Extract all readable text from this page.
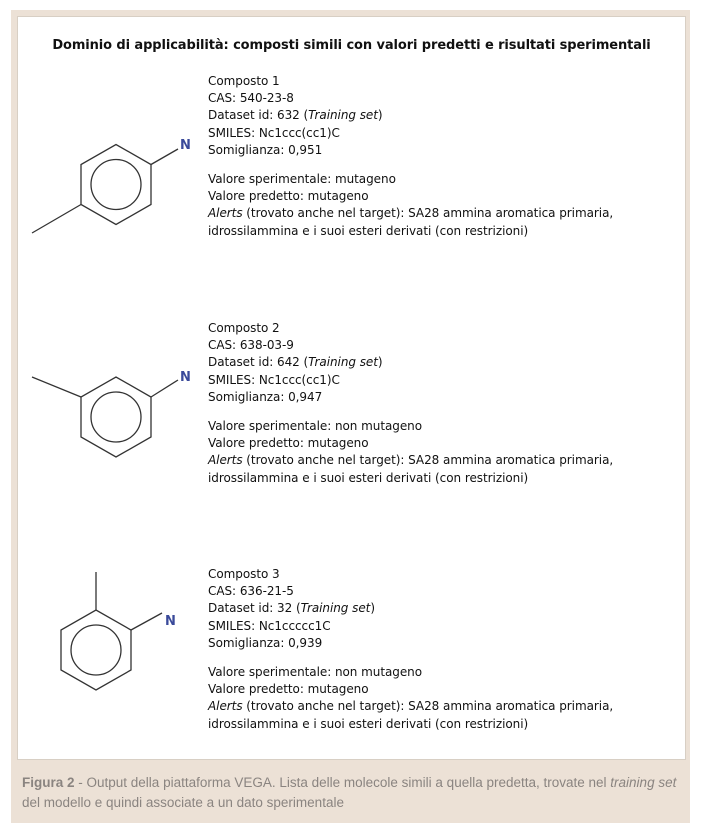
Dominio di applicabilità: composti simili con valori predetti e risultati sperimentali
N
Composto 1
CAS: 540-23-8
Dataset id: 632 (Training set)
SMILES: Nc1ccc(cc1)C
Somiglianza: 0,951
Valore sperimentale: mutageno
Valore predetto: mutageno
Alerts (trovato anche nel target): SA28 ammina aromatica primaria,
idrossilammina e i suoi esteri derivati (con restrizioni)
N
Composto 2
CAS: 638-03-9
Dataset id: 642 (Training set)
SMILES: Nc1ccc(cc1)C
Somiglianza: 0,947
Valore sperimentale: non mutageno
Valore predetto: mutageno
Alerts (trovato anche nel target): SA28 ammina aromatica primaria,
idrossilammina e i suoi esteri derivati (con restrizioni)
N
Composto 3
CAS: 636-21-5
Dataset id: 32 (Training set)
SMILES: Nc1ccccc1C
Somiglianza: 0,939
Valore sperimentale: non mutageno
Valore predetto: mutageno
Alerts (trovato anche nel target): SA28 ammina aromatica primaria,
idrossilammina e i suoi esteri derivati (con restrizioni)
Figura 2 - Output della piattaforma VEGA. Lista delle molecole simili a quella predetta, trovate nel training set del modello e quindi associate a un dato sperimentale
